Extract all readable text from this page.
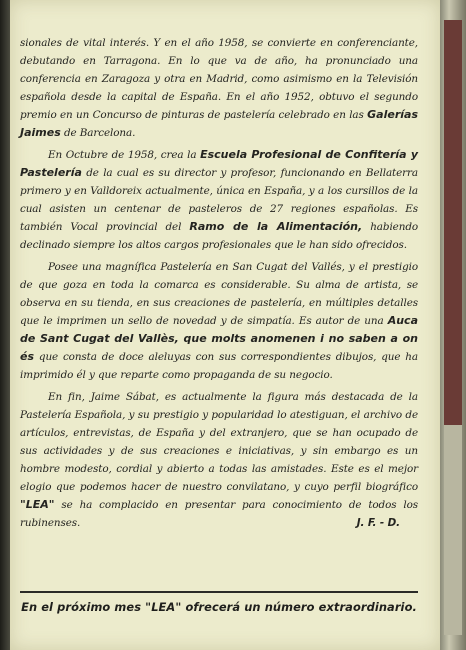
sionales de vital interés. Y en el año 1958, se convierte en conferenciante, debutando en Tarragona. En lo que va de año, ha pronunciado una conferencia en Zaragoza y otra en Madrid, como asimismo en la Televisión española desde la capital de España. En el año 1952, obtuvo el segundo premio en un Concurso de pinturas de pastelería celebrado en las Galerías Jaimes de Barcelona.

En Octubre de 1958, crea la Escuela Profesional de Confitería y Pastelería de la cual es su director y profesor, funcionando en Bellaterra primero y en Valldoreix actualmente, única en España, y a los cursillos de la cual asisten un centenar de pasteleros de 27 regiones españolas. Es también Vocal provincial del Ramo de la Alimentación, habiendo declinado siempre los altos cargos profesionales que le han sido ofrecidos.

Posee una magnífica Pastelería en San Cugat del Vallés, y el prestigio de que goza en toda la comarca es considerable. Su alma de artista, se observa en su tienda, en sus creaciones de pastelería, en múltiples detalles que le imprimen un sello de novedad y de simpatía. Es autor de una Auca de Sant Cugat del Vallès, que molts anomenen i no saben a on és que consta de doce aleluyas con sus correspondientes dibujos, que ha imprimido él y que reparte como propaganda de su negocio.

En fin, Jaime Sábat, es actualmente la figura más destacada de la Pastelería Española, y su prestigio y popularidad lo atestiguan, el archivo de artículos, entrevistas, de España y del extranjero, que se han ocupado de sus actividades y de sus creaciones e iniciativas, y sin embargo es un hombre modesto, cordial y abierto a todas las amistades. Este es el mejor elogio que podemos hacer de nuestro convilatano, y cuyo perfil biográfico "LEA" se ha complacido en presentar para conocimiento de todos los rubinenses.	J. F. - D.

En el próximo mes "LEA" ofrecerá un número extraordinario.
